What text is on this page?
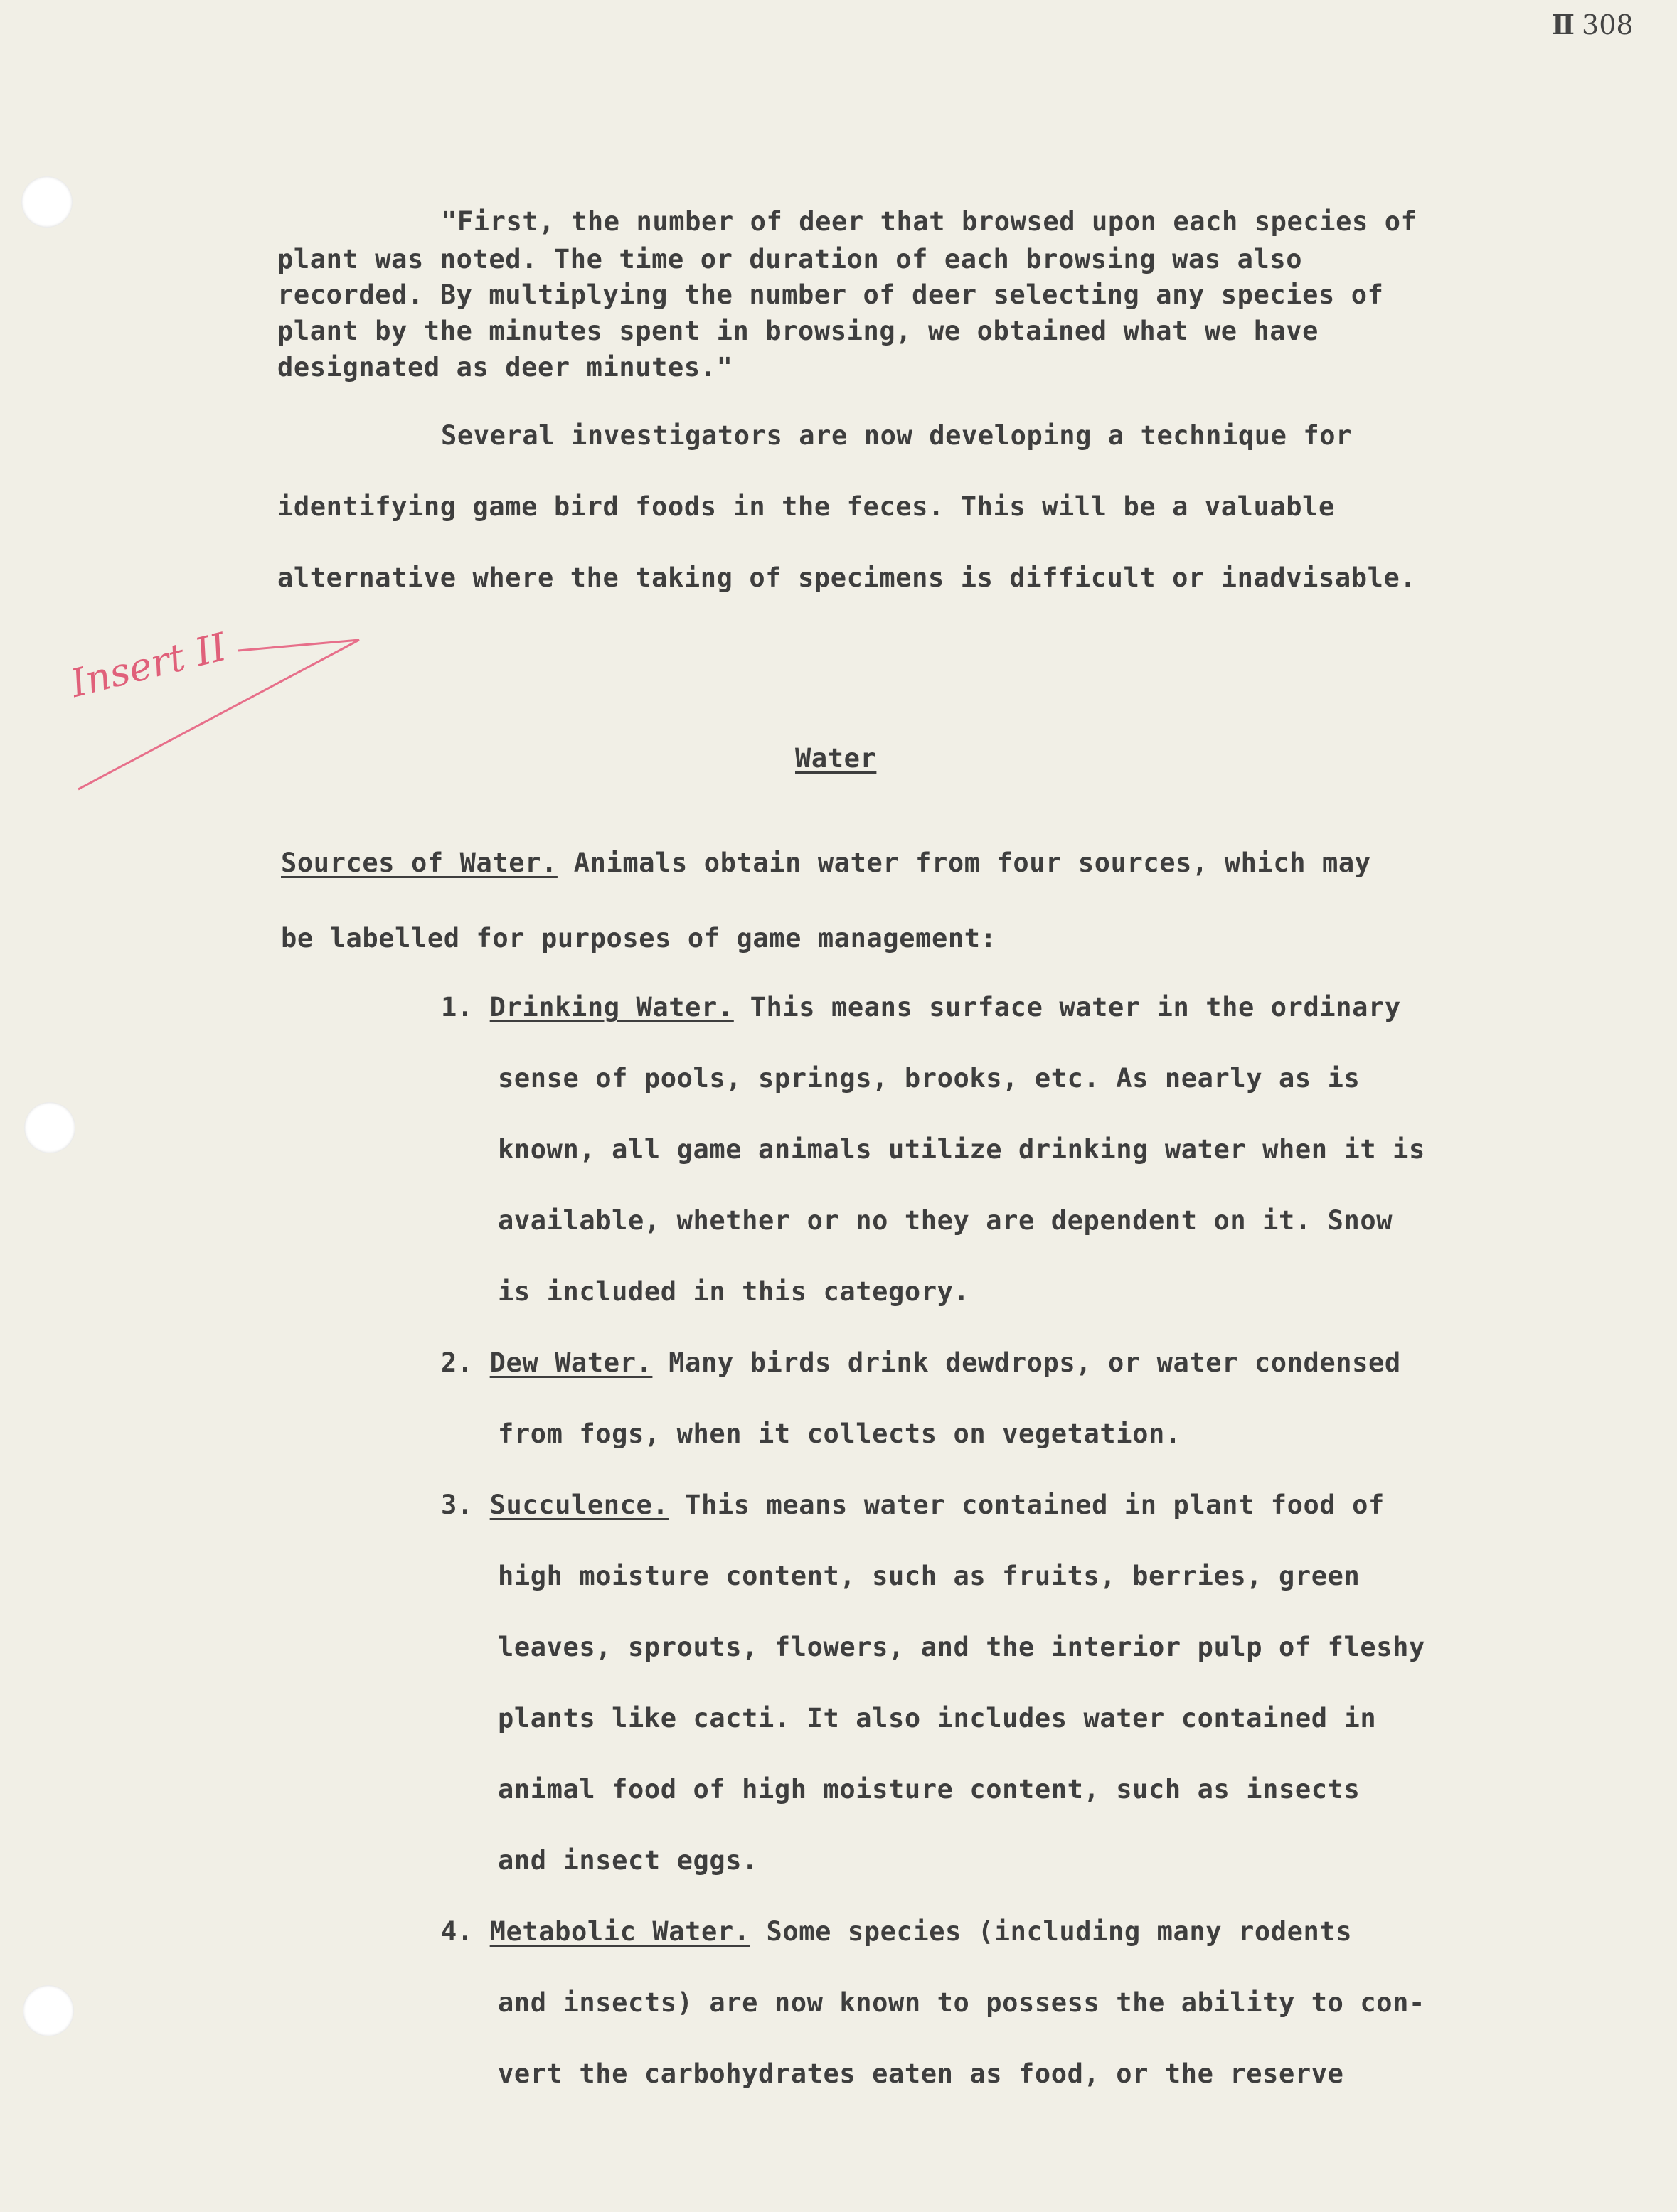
Ⅱ 308
"First, the number of deer that browsed upon each species of
plant was noted. The time or duration of each browsing was also
recorded. By multiplying the number of deer selecting any species of
plant by the minutes spent in browsing, we obtained what we have
designated as deer minutes."
Several investigators are now developing a technique for
identifying game bird foods in the feces. This will be a valuable
alternative where the taking of specimens is difficult or inadvisable.
Insert II
Water
Sources of Water. Animals obtain water from four sources, which may
be labelled for purposes of game management:
1. Drinking Water. This means surface water in the ordinary
sense of pools, springs, brooks, etc. As nearly as is
known, all game animals utilize drinking water when it is
available, whether or no they are dependent on it. Snow
is included in this category.
2. Dew Water. Many birds drink dewdrops, or water condensed
from fogs, when it collects on vegetation.
3. Succulence. This means water contained in plant food of
high moisture content, such as fruits, berries, green
leaves, sprouts, flowers, and the interior pulp of fleshy
plants like cacti. It also includes water contained in
animal food of high moisture content, such as insects
and insect eggs.
4. Metabolic Water. Some species (including many rodents
and insects) are now known to possess the ability to con-
vert the carbohydrates eaten as food, or the reserve
